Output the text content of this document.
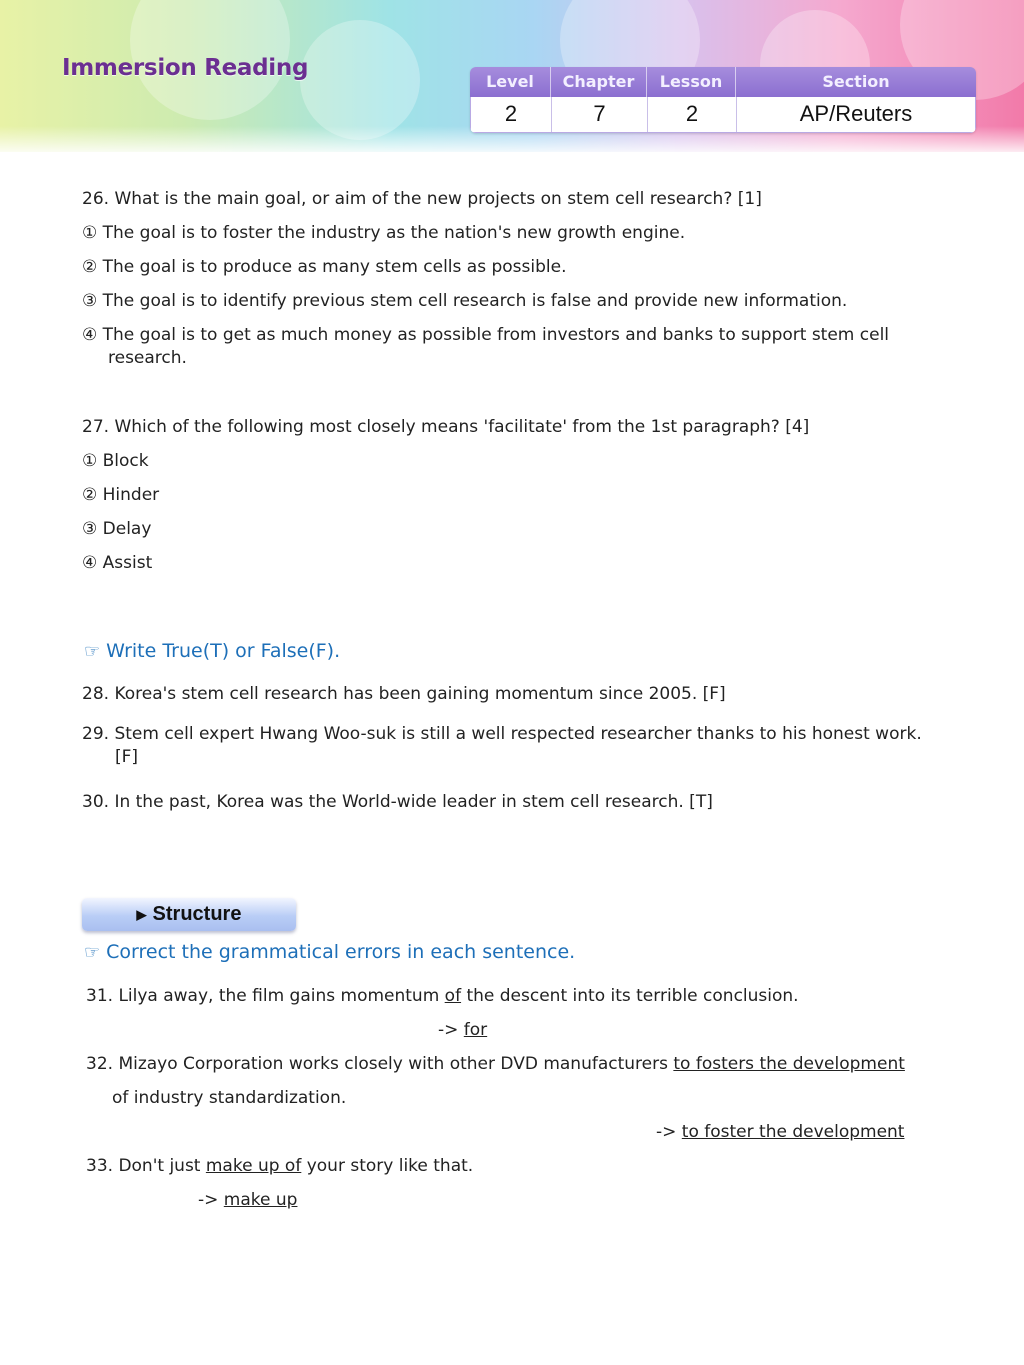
Immersion Reading
Level	Chapter	Lesson	Section
2	7	2	AP/Reuters

26. What is the main goal, or aim of the new projects on stem cell research? [1]

① The goal is to foster the industry as the nation's new growth engine.

② The goal is to produce as many stem cells as possible.

③ The goal is to identify previous stem cell research is false and provide new information.

④ The goal is to get as much money as possible from investors and banks to support stem cell

research.

27. Which of the following most closely means 'facilitate' from the 1st paragraph? [4]

① Block

② Hinder

③ Delay

④ Assist

☞ Write True(T) or False(F).

28. Korea's stem cell research has been gaining momentum since 2005. [F]

29. Stem cell expert Hwang Woo-suk is still a well respected researcher thanks to his honest work.

[F]

30. In the past, Korea was the World-wide leader in stem cell research. [T]

▶ Structure

☞ Correct the grammatical errors in each sentence.

31. Lilya away, the film gains momentum of the descent into its terrible conclusion.

-> for

32. Mizayo Corporation works closely with other DVD manufacturers to fosters the development

of industry standardization.

-> to foster the development

33. Don't just make up of your story like that.

-> make up
